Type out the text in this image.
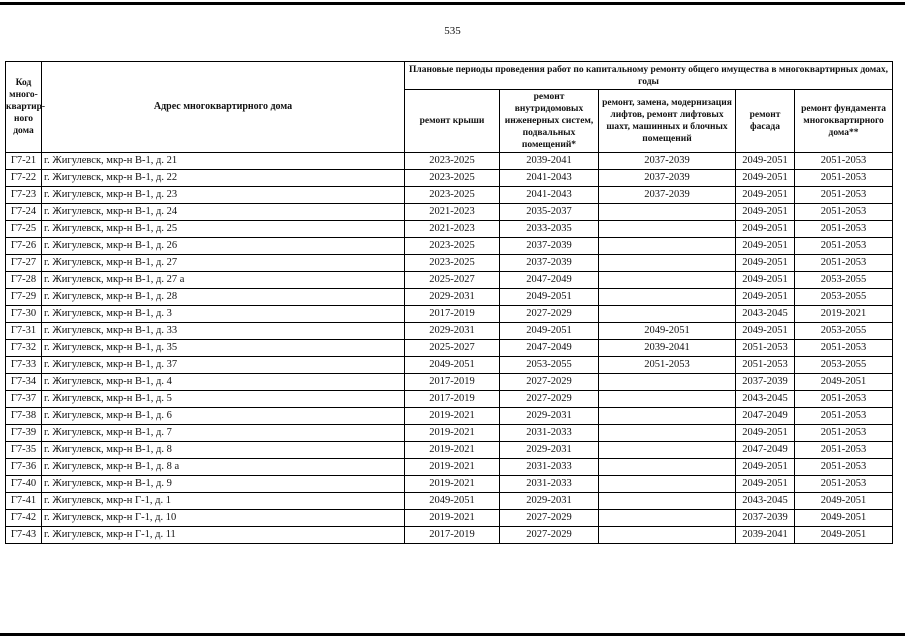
535
Код много-квартир-ного дома	Адрес многоквартирного дома	Плановые периоды проведения работ по капитальному ремонту общего имущества в многоквартирных домах, годы				
		ремонт крыши	ремонт внутридомовых инженерных систем, подвальных помещений*	ремонт, замена, модернизация лифтов, ремонт лифтовых шахт, машинных и блочных помещений	ремонт фасада	ремонт фундамента многоквартирного дома**
Г7-21	г. Жигулевск, мкр-н В-1, д. 21	2023-2025	2039-2041	2037-2039	2049-2051	2051-2053
Г7-22	г. Жигулевск, мкр-н В-1, д. 22	2023-2025	2041-2043	2037-2039	2049-2051	2051-2053
Г7-23	г. Жигулевск, мкр-н В-1, д. 23	2023-2025	2041-2043	2037-2039	2049-2051	2051-2053
Г7-24	г. Жигулевск, мкр-н В-1, д. 24	2021-2023	2035-2037		2049-2051	2051-2053
Г7-25	г. Жигулевск, мкр-н В-1, д. 25	2021-2023	2033-2035		2049-2051	2051-2053
Г7-26	г. Жигулевск, мкр-н В-1, д. 26	2023-2025	2037-2039		2049-2051	2051-2053
Г7-27	г. Жигулевск, мкр-н В-1, д. 27	2023-2025	2037-2039		2049-2051	2051-2053
Г7-28	г. Жигулевск, мкр-н В-1, д. 27 а	2025-2027	2047-2049		2049-2051	2053-2055
Г7-29	г. Жигулевск, мкр-н В-1, д. 28	2029-2031	2049-2051		2049-2051	2053-2055
Г7-30	г. Жигулевск, мкр-н В-1, д. 3	2017-2019	2027-2029		2043-2045	2019-2021
Г7-31	г. Жигулевск, мкр-н В-1, д. 33	2029-2031	2049-2051	2049-2051	2049-2051	2053-2055
Г7-32	г. Жигулевск, мкр-н В-1, д. 35	2025-2027	2047-2049	2039-2041	2051-2053	2051-2053
Г7-33	г. Жигулевск, мкр-н В-1, д. 37	2049-2051	2053-2055	2051-2053	2051-2053	2053-2055
Г7-34	г. Жигулевск, мкр-н В-1, д. 4	2017-2019	2027-2029		2037-2039	2049-2051
Г7-37	г. Жигулевск, мкр-н В-1, д. 5	2017-2019	2027-2029		2043-2045	2051-2053
Г7-38	г. Жигулевск, мкр-н В-1, д. 6	2019-2021	2029-2031		2047-2049	2051-2053
Г7-39	г. Жигулевск, мкр-н В-1, д. 7	2019-2021	2031-2033		2049-2051	2051-2053
Г7-35	г. Жигулевск, мкр-н В-1, д. 8	2019-2021	2029-2031		2047-2049	2051-2053
Г7-36	г. Жигулевск, мкр-н В-1, д. 8 а	2019-2021	2031-2033		2049-2051	2051-2053
Г7-40	г. Жигулевск, мкр-н В-1, д. 9	2019-2021	2031-2033		2049-2051	2051-2053
Г7-41	г. Жигулевск, мкр-н Г-1, д. 1	2049-2051	2029-2031		2043-2045	2049-2051
Г7-42	г. Жигулевск, мкр-н Г-1, д. 10	2019-2021	2027-2029		2037-2039	2049-2051
Г7-43	г. Жигулевск, мкр-н Г-1, д. 11	2017-2019	2027-2029		2039-2041	2049-2051
